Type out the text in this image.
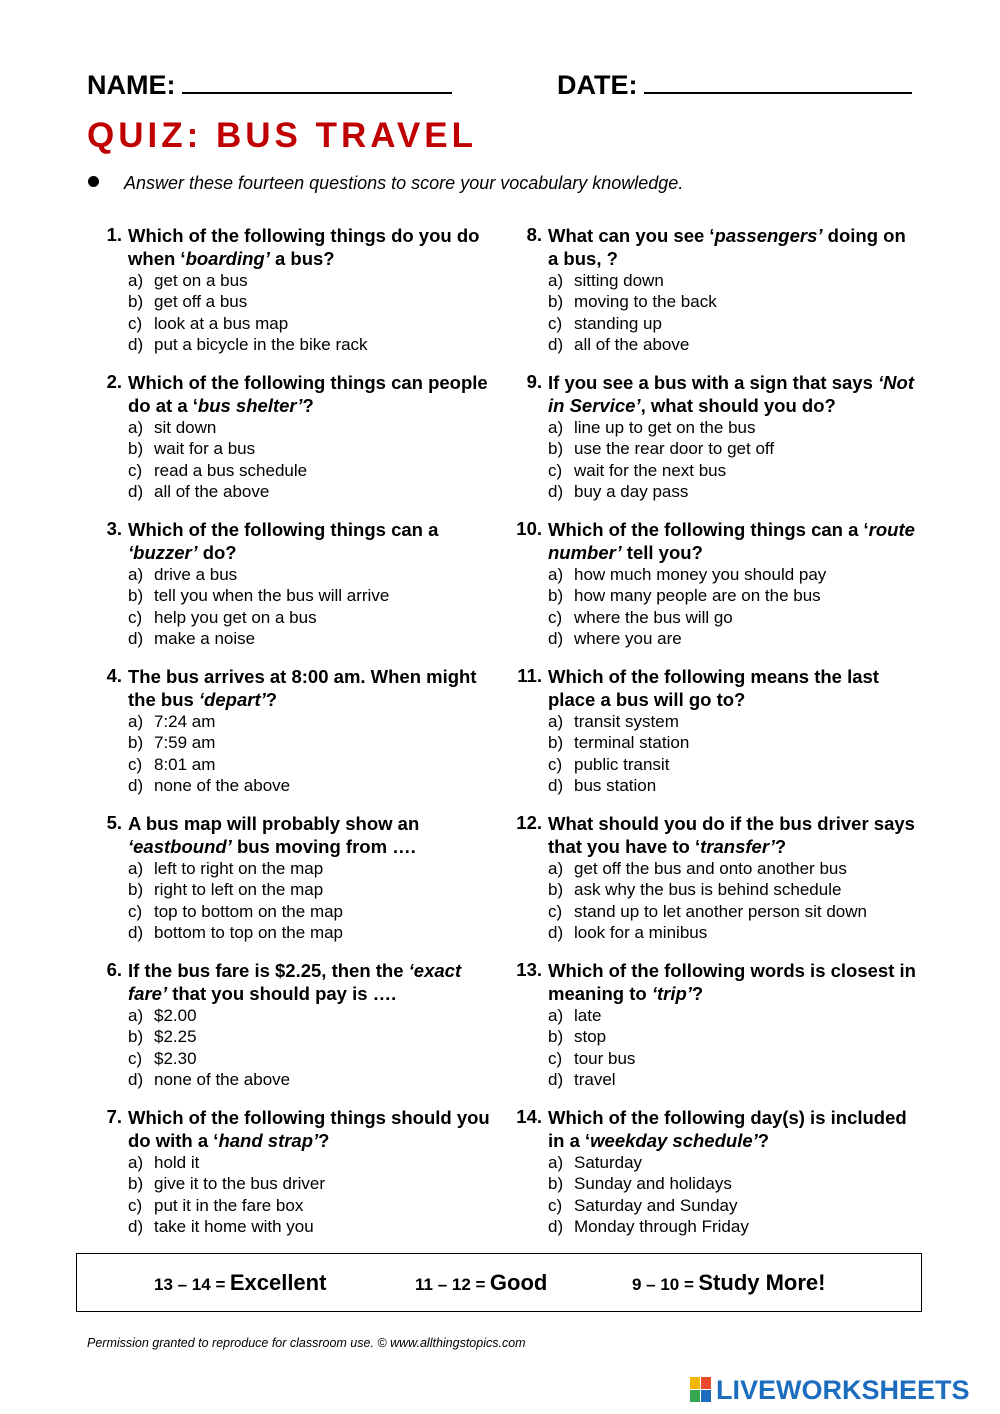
NAME:	DATE:
QUIZ: BUS TRAVEL
Answer these fourteen questions to score your vocabulary knowledge.
1. Which of the following things do you do when ‘boarding’ a bus?
a) get on a bus
b) get off a bus
c) look at a bus map
d) put a bicycle in the bike rack
2. Which of the following things can people do at a ‘bus shelter’?
a) sit down
b) wait for a bus
c) read a bus schedule
d) all of the above
3. Which of the following things can a ‘buzzer’ do?
a) drive a bus
b) tell you when the bus will arrive
c) help you get on a bus
d) make a noise
4. The bus arrives at 8:00 am. When might the bus ‘depart’?
a) 7:24 am
b) 7:59 am
c) 8:01 am
d) none of the above
5. A bus map will probably show an ‘eastbound’ bus moving from ….
a) left to right on the map
b) right to left on the map
c) top to bottom on the map
d) bottom to top on the map
6. If the bus fare is $2.25, then the ‘exact fare’ that you should pay is ….
a) $2.00
b) $2.25
c) $2.30
d) none of the above
7. Which of the following things should you do with a ‘hand strap’?
a) hold it
b) give it to the bus driver
c) put it in the fare box
d) take it home with you
8. What can you see ‘passengers’ doing on a bus, ?
a) sitting down
b) moving to the back
c) standing up
d) all of the above
9. If you see a bus with a sign that says ‘Not in Service’, what should you do?
a) line up to get on the bus
b) use the rear door to get off
c) wait for the next bus
d) buy a day pass
10. Which of the following things can a ‘route number’ tell you?
a) how much money you should pay
b) how many people are on the bus
c) where the bus will go
d) where you are
11. Which of the following means the last place a bus will go to?
a) transit system
b) terminal station
c) public transit
d) bus station
12. What should you do if the bus driver says that you have to ‘transfer’?
a) get off the bus and onto another bus
b) ask why the bus is behind schedule
c) stand up to let another person sit down
d) look for a minibus
13. Which of the following words is closest in meaning to ‘trip’?
a) late
b) stop
c) tour bus
d) travel
14. Which of the following day(s) is included in a ‘weekday schedule’?
a) Saturday
b) Sunday and holidays
c) Saturday and Sunday
d) Monday through Friday
13 – 14 = Excellent	11 – 12 = Good	9 – 10 = Study More!
Permission granted to reproduce for classroom use. © www.allthingstopics.com
LIVEWORKSHEETS
